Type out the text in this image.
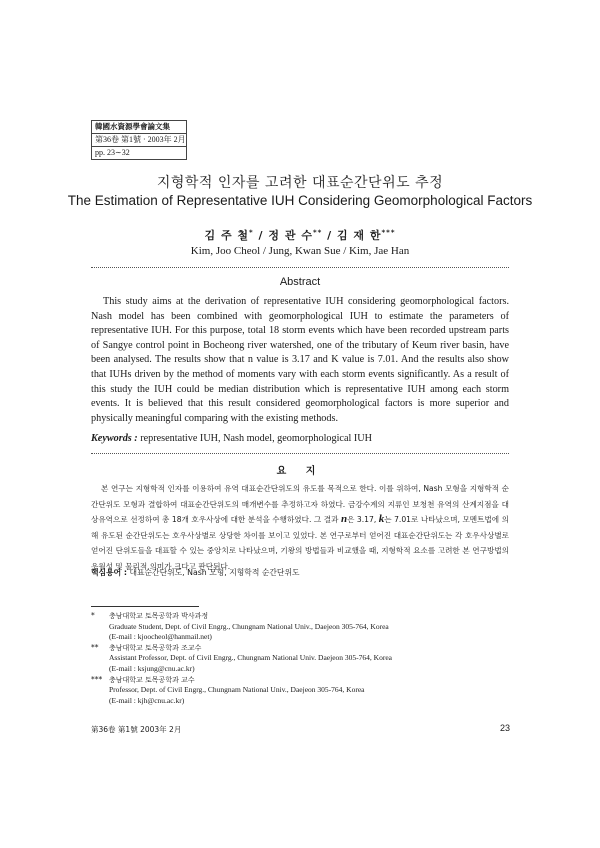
韓國水資源學會論文集
第36卷 第1號 · 2003年 2月
pp. 23∼32
지형학적 인자를 고려한 대표순간단위도 추정
The Estimation of Representative IUH Considering Geomorphological Factors
김 주 철* / 정 관 수** / 김 재 한***
Kim, Joo Cheol / Jung, Kwan Sue / Kim, Jae Han
Abstract
This study aims at the derivation of representative IUH considering geomorphological factors. Nash model has been combined with geomorphological IUH to estimate the parameters of representative IUH. For this purpose, total 18 storm events which have been recorded upstream parts of Sangye control point in Bocheong river watershed, one of the tributary of Keum river basin, have been analysed. The results show that n value is 3.17 and K value is 7.01. And the results also show that IUHs driven by the method of moments vary with each storm events significantly. As a result of this study the IUH could be median distribution which is representative IUH among each storm events. It is believed that this result considered geomorphological factors is more superior and physically meaningful comparing with the existing methods.
Keywords : representative IUH, Nash model, geomorphological IUH
요 지
본 연구는 지형학적 인자를 이용하여 유역 대표순간단위도의 유도를 목적으로 한다. 이를 위하여, Nash 모형을 지형학적 순간단위도 모형과 결합하여 대표순간단위도의 매개변수를 추정하고자 하였다. 금강수계의 지류인 보청천 유역의 산계지점을 대상유역으로 선정하여 총 18개 호우사상에 대한 분석을 수행하였다. 그 결과 n은 3.17, k는 7.01로 나타났으며, 모멘트법에 의해 유도된 순간단위도는 호우사상별로 상당한 차이를 보이고 있었다. 본 연구로부터 얻어진 대표순간단위도는 각 호우사상별로 얻어진 단위도들을 대표할 수 있는 중앙치로 나타났으며, 기왕의 방법들과 비교했을 때, 지형학적 요소를 고려한 본 연구방법의 우월성 및 물리적 의미가 크다고 판단된다.
핵심용어 : 대표순간단위도, Nash 모형, 지형학적 순간단위도
*	충남대학교 토목공학과 박사과정
Graduate Student, Dept. of Civil Engrg., Chungnam National Univ., Daejeon 305-764, Korea
(E-mail : kjoocheol@hanmail.net)
**	충남대학교 토목공학과 조교수
Assistant Professor, Dept. of Civil Engrg., Chungnam National Univ. Daejeon 305-764, Korea
(E-mail : ksjung@cnu.ac.kr)
*** 충남대학교 토목공학과 교수
Professor, Dept. of Civil Engrg., Chungnam National Univ., Daejeon 305-764, Korea
(E-mail : kjh@cnu.ac.kr)
第36卷 第1號 2003年 2月	23
